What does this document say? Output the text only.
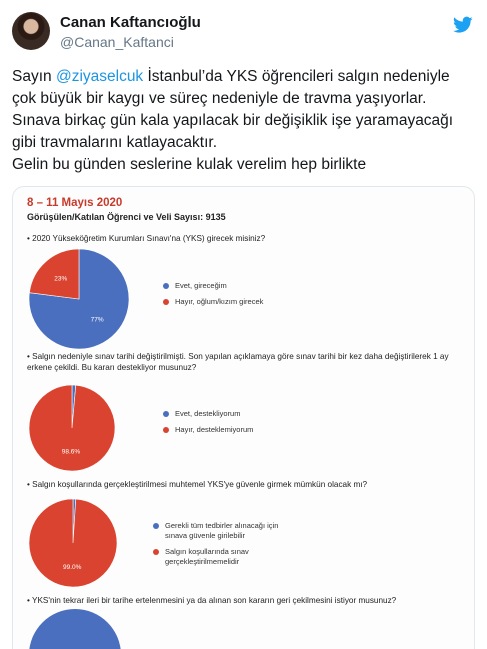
Canan Kaftancıoğlu
@Canan_Kaftanci
Sayın @ziyaselcuk İstanbul’da YKS öğrencileri salgın nedeniyle
çok büyük bir kaygı ve süreç nedeniyle de travma yaşıyorlar.
Sınava birkaç gün kala yapılacak bir değişiklik işe yaramayacağı
gibi travmalarını katlayacaktır.
Gelin bu günden seslerine kulak verelim hep birlikte
8 – 11 Mayıs 2020
Görüşülen/Katılan Öğrenci ve Veli Sayısı: 9135
• 2020 Yükseköğretim Kurumları Sınavı'na (YKS) girecek misiniz?
77%
23%
Evet, gireceğim
Hayır, oğlum/kızım girecek
• Salgın nedeniyle sınav tarihi değiştirilmişti. Son yapılan açıklamaya göre sınav tarihi bir kez daha değiştirilerek 1 ay erkene çekildi. Bu kararı destekliyor musunuz?
98.6%
Evet, destekliyorum
Hayır, desteklemiyorum
• Salgın koşullarında gerçekleştirilmesi muhtemel YKS'ye güvenle girmek mümkün olacak mı?
99.0%
Gerekli tüm tedbirler alınacağı için sınava güvenle girilebilir
Salgın koşullarında sınav gerçekleştirilmemelidir
• YKS'nin tekrar ileri bir tarihe ertelenmesini ya da alınan son kararın geri çekilmesini istiyor musunuz?
